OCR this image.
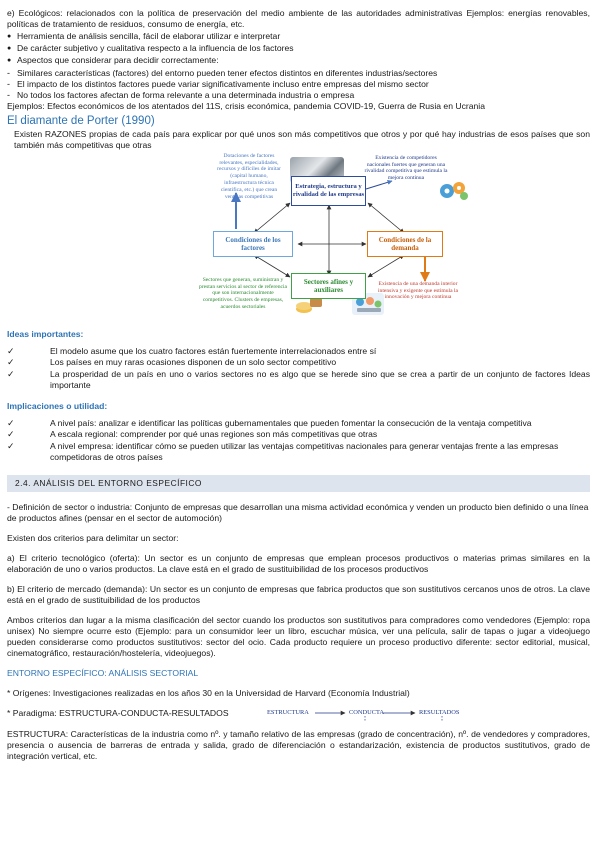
e) Ecológicos: relacionados con la política de preservación del medio ambiente de las autoridades administrativas Ejemplos: energías renovables, políticas de tratamiento de residuos, consumo de energía, etc.

● Herramienta de análisis sencilla, fácil de elaborar utilizar e interpretar
● De carácter subjetivo y cualitativa respecto a la influencia de los factores
● Aspectos que considerar para decidir correctamente:
- Similares características (factores) del entorno pueden tener efectos distintos en diferentes industrias/sectores
- El impacto de los distintos factores puede variar significativamente incluso entre empresas del mismo sector
- No todos los factores afectan de forma relevante a una determinada industria o empresa

Ejemplos: Efectos económicos de los atentados del 11S, crisis económica, pandemia COVID-19, Guerra de Rusia en Ucrania

El diamante de Porter (1990)

Existen RAZONES propias de cada país para explicar por qué unos son más competitivos que otros y por qué hay industrias de esos países que son también más competitivas que otras

Estrategia, estructura y rivalidad de las empresas
Condiciones de los factores
Condiciones de la demanda
Sectores afines y auxiliares
Dotaciones de factores relevantes, especialidades, recursos y difíciles de imitar (capital humano, infraestructura técnica científica, etc.) que crean ventajas competitivas
Existencia de competidores nacionales fuertes que generan una rivalidad competitiva que estimula la mejora continua
Existencia de una demanda interior intensiva y exigente que estimula la innovación y mejora continua
Sectores que generan, suministran y prestan servicios al sector de referencia que son internacionalmente competitivos. Clusters de empresas, acuerdos sectoriales

Ideas importantes:

✓	El modelo asume que los cuatro factores están fuertemente interrelacionados entre sí
✓	Los países en muy raras ocasiones disponen de un solo sector competitivo
✓	La prosperidad de un país en uno o varios sectores no es algo que se herede sino que se crea a partir de un conjunto de factores Ideas importante

Implicaciones o utilidad:

✓	A nivel país: analizar e identificar las políticas gubernamentales que pueden fomentar la consecución de la ventaja competitiva
✓	A escala regional: comprender por qué unas regiones son más competitivas que otras
✓	A nivel empresa: identificar cómo se pueden utilizar las ventajas competitivas nacionales para generar ventajas frente a las empresas competidoras de otros países
2.4. ANÁLISIS DEL ENTORNO ESPECÍFICO

- Definición de sector o industria: Conjunto de empresas que desarrollan una misma actividad económica y venden un producto bien definido o una línea de productos afines (pensar en el sector de automoción)

Existen dos criterios para delimitar un sector:

a) El criterio tecnológico (oferta): Un sector es un conjunto de empresas que emplean procesos productivos o materias primas similares en la elaboración de uno o varios productos. La clave está en el grado de sustituibilidad de los procesos productivos

b) El criterio de mercado (demanda): Un sector es un conjunto de empresas que fabrica productos que son sustitutivos cercanos unos de otros. La clave está en el grado de sustituibilidad de los productos

Ambos criterios dan lugar a la misma clasificación del sector cuando los productos son sustitutivos para compradores como vendedores (Ejemplo: ropa unisex) No siempre ocurre esto (Ejemplo: para un consumidor leer un libro, escuchar música, ver una película, salir de tapas o jugar a videojuego pueden considerarse como productos sustitutivos: sector del ocio. Cada producto requiere un proceso productivo diferente: sector editorial, musical, cinematográfico, restauración/hostelería, videojuegos).

ENTORNO ESPECÍFICO: ANÁLISIS SECTORIAL

* Orígenes: Investigaciones realizadas en los años 30 en la Universidad de Harvard (Economía Industrial)

* Paradigma: ESTRUCTURA-CONDUCTA-RESULTADOS	ESTRUCTURA	CONDUCTA	RESULTADOS

ESTRUCTURA: Características de la industria como nº. y tamaño relativo de las empresas (grado de concentración), nº. de vendedores y compradores, presencia o ausencia de barreras de entrada y salida, grado de diferenciación o estandarización, existencia de productos sustitutivos, grado de integración vertical, etc.
